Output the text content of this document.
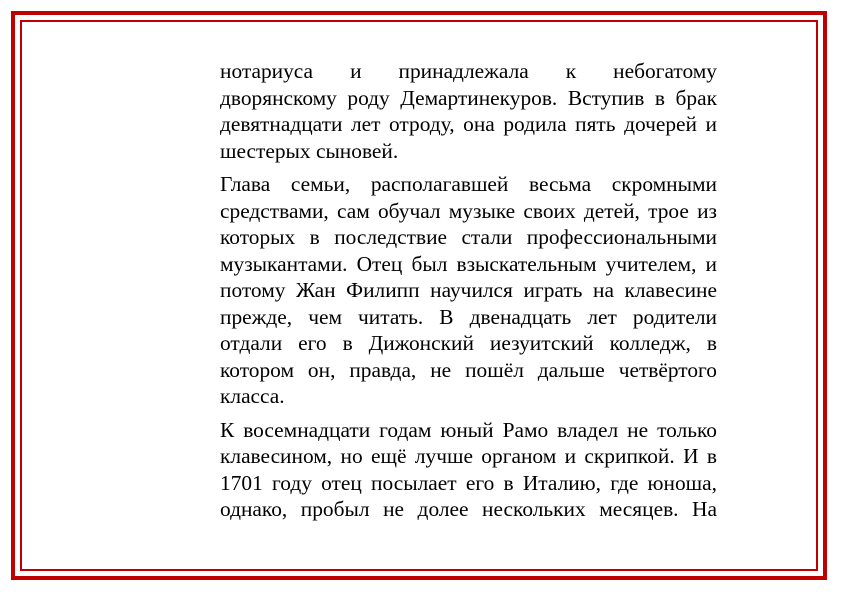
нотариуса и принадлежала к небогатому
дворянскому роду Демартинекуров. Вступив в брак
девятнадцати лет отроду, она родила пять дочерей и
шестерых сыновей.

Глава семьи, располагавшей весьма скромными
средствами, сам обучал музыке своих детей, трое из
которых в последствие стали профессиональными
музыкантами. Отец был взыскательным учителем, и
потому Жан Филипп научился играть на клавесине
прежде, чем читать. В двенадцать лет родители
отдали его в Дижонский иезуитский колледж, в
котором он, правда, не пошёл дальше четвёртого
класса.

К восемнадцати годам юный Рамо владел не только
клавесином, но ещё лучше органом и скрипкой. И в
1701 году отец посылает его в Италию, где юноша,
однако, пробыл не долее нескольких месяцев. На
